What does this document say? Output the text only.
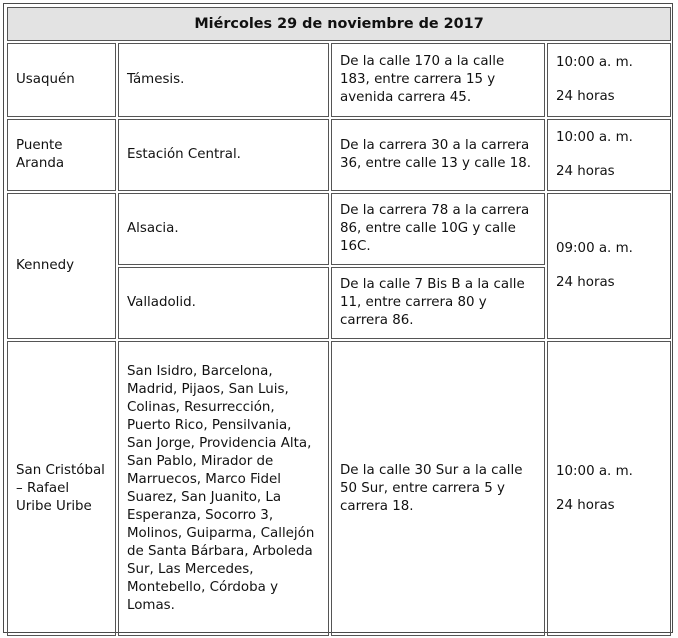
Miércoles 29 de noviembre de 2017			
Usaquén	Támesis.	De la calle 170 a la calle 183, entre carrera 15 y avenida carrera 45.	10:00 a. m.
24 horas

Puente Aranda	Estación Central.	De la carrera 30 a la carrera 36, entre calle 13 y calle 18.	10:00 a. m.
24 horas

Kennedy	Alsacia.	De la carrera 78 a la carrera 86, entre calle 10G y calle 16C.	09:00 a. m.
24 horas

	Valladolid.	De la calle 7 Bis B a la calle 11, entre carrera 80 y carrera 86.	
San Cristóbal – Rafael Uribe Uribe	San Isidro, Barcelona, Madrid, Pijaos, San Luis, Colinas, Resurrección, Puerto Rico, Pensilvania, San Jorge, Providencia Alta, San Pablo, Mirador de Marruecos, Marco Fidel Suarez, San Juanito, La Esperanza, Socorro 3, Molinos, Guiparma, Callejón de Santa Bárbara, Arboleda Sur, Las Mercedes, Montebello, Córdoba y Lomas.	De la calle 30 Sur a la calle 50 Sur, entre carrera 5 y carrera 18.	10:00 a. m.
24 horas
